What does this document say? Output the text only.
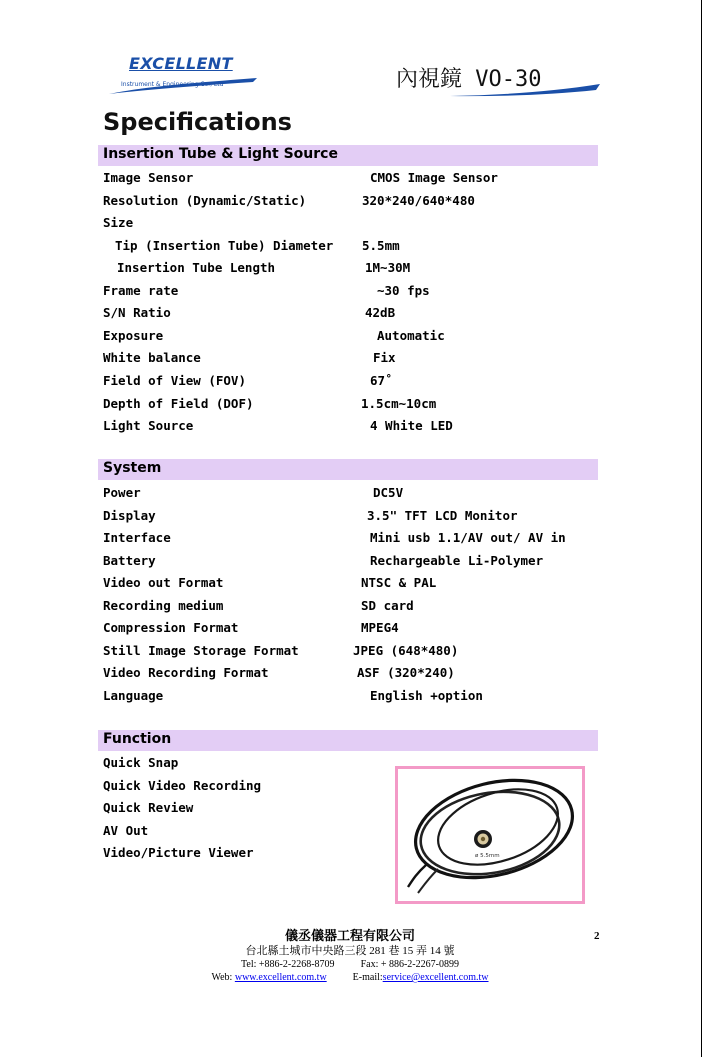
EXCELLENT
Instrument & Engineering Co., Ltd	內視鏡 VO-30
Specifications
Insertion Tube & Light Source
Image Sensor	CMOS Image Sensor
Resolution (Dynamic/Static)	320*240/640*480
Size
Tip (Insertion Tube) Diameter 5.5mm
Insertion Tube Length	1M~30M
Frame rate	~30 fps
S/N Ratio	42dB
Exposure	Automatic
White balance	Fix
Field of View (FOV)	67˚
Depth of Field (DOF)	1.5cm~10cm
Light Source	4 White LED
System
Power	DC5V
Display	3.5" TFT LCD Monitor
Interface	Mini usb 1.1/AV out/ AV in
Battery	Rechargeable Li-Polymer
Video out Format	NTSC & PAL
Recording medium	SD card
Compression Format	MPEG4
Still Image Storage Format	JPEG (648*480)
Video Recording Format	ASF (320*240)
Language	English +option
Function
Quick Snap
Quick Video Recording
Quick Review
AV Out
Video/Picture Viewer	ø 5.5mm
2
儀丞儀器工程有限公司
台北縣土城市中央路三段 281 巷 15 弄 14 號
Tel: +886-2-2268-8709	Fax: + 886-2-2267-0899
Web: www.excellent.com.tw	E-mail:service@excellent.com.tw
